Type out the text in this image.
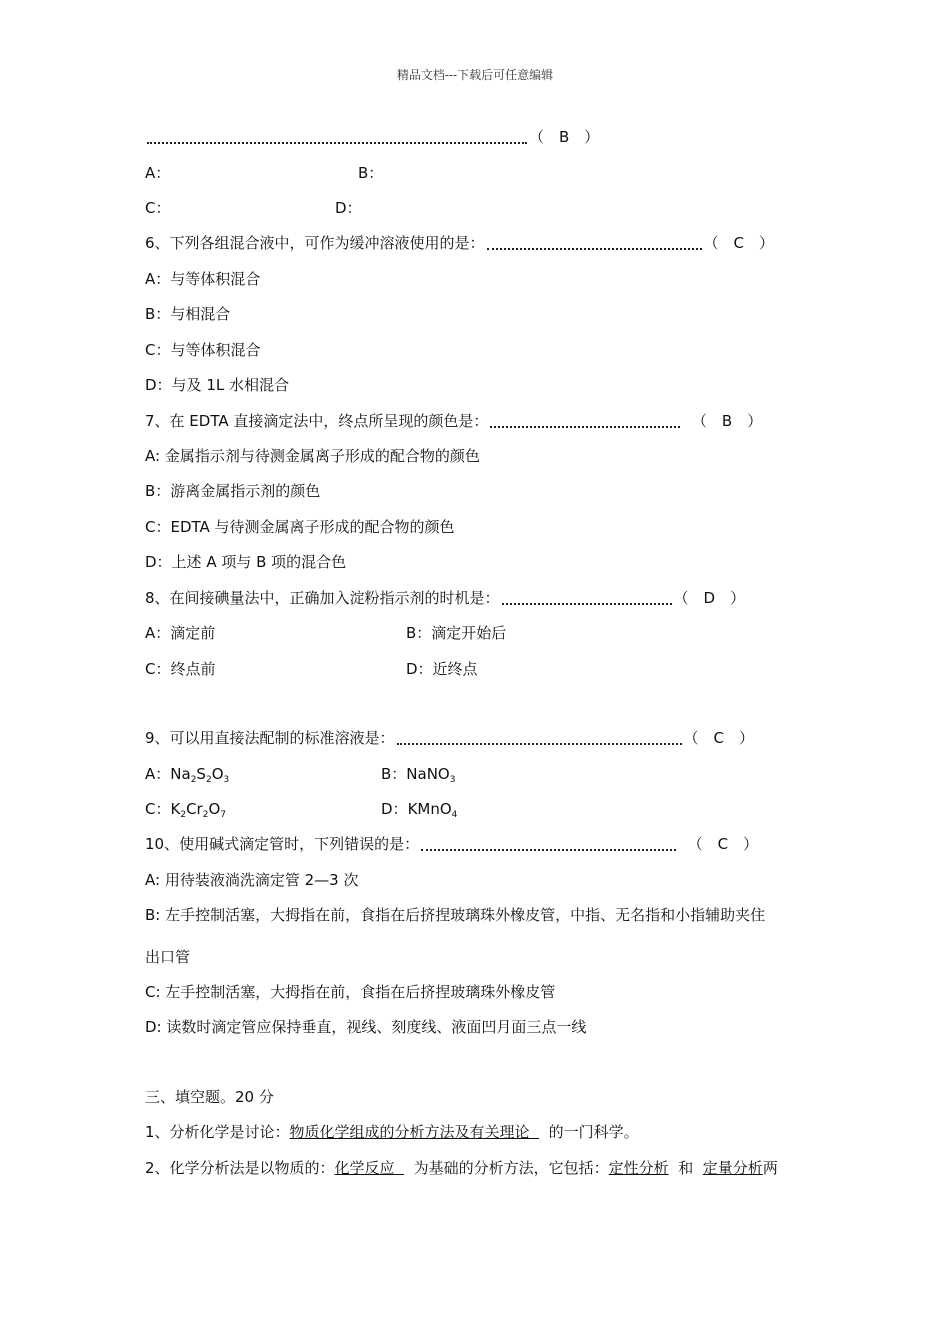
精品文档---下载后可任意编辑
（　B　）
A：	B：
C：	D：
6、下列各组混合液中，可作为缓冲溶液使用的是：	（　C　）
A：与等体积混合
B：与相混合
C：与等体积混合
D：与及 1L 水相混合
7、在 EDTA 直接滴定法中，终点所呈现的颜色是：	（　B　）
A: 金属指示剂与待测金属离子形成的配合物的颜色
B：游离金属指示剂的颜色
C：EDTA 与待测金属离子形成的配合物的颜色
D：上述 A 项与 B 项的混合色
8、在间接碘量法中，正确加入淀粉指示剂的时机是：	（　D　）
A：滴定前	B：滴定开始后
C：终点前	D：近终点
9、可以用直接法配制的标准溶液是：	（　C　）
A：$Na_2S_2O_3$	B：NaNO$_3$
C：$K_2Cr_2O_7$	D：KMnO$_4$
10、使用碱式滴定管时，下列错误的是：	（　C　）
A: 用待装液淌洗滴定管 2—3 次
B: 左手控制活塞，大拇指在前，食指在后挤捏玻璃珠外橡皮管，中指、无名指和小指辅助夹住
出口管
C: 左手控制活塞，大拇指在前，食指在后挤捏玻璃珠外橡皮管
D: 读数时滴定管应保持垂直，视线、刻度线、液面凹月面三点一线
三、填空题。20 分
1、分析化学是讨论：物质化学组成的分析方法及有关理论 的一门科学。
2、化学分析法是以物质的：化学反应 为基础的分析方法，它包括：定性分析 和 定量分析两
